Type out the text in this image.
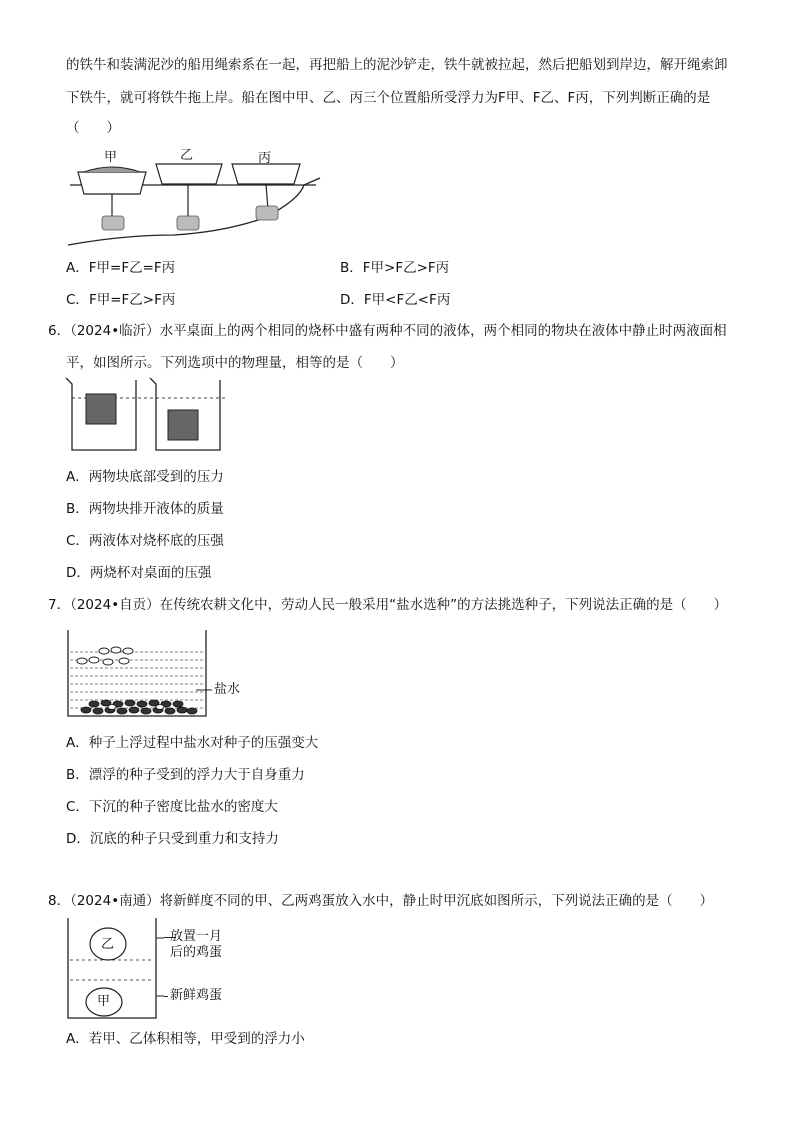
的铁牛和装满泥沙的船用绳索系在一起，再把船上的泥沙铲走，铁牛就被拉起，然后把船划到岸边，解开绳索卸
下铁牛，就可将铁牛拖上岸。船在图中甲、乙、丙三个位置船所受浮力为F甲、F乙、F丙，下列判断正确的是
（　　）
甲	乙	丙
A．F甲=F乙=F丙	B．F甲>F乙>F丙
C．F甲=F乙>F丙	D．F甲<F乙<F丙
6．（2024•临沂）水平桌面上的两个相同的烧杯中盛有两种不同的液体，两个相同的物块在液体中静止时两液面相
平，如图所示。下列选项中的物理量，相等的是（　　）
A．两物块底部受到的压力
B．两物块排开液体的质量
C．两液体对烧杯底的压强
D．两烧杯对桌面的压强
7．（2024•自贡）在传统农耕文化中，劳动人民一般采用“盐水选种”的方法挑选种子，下列说法正确的是（　　）
盐水
A．种子上浮过程中盐水对种子的压强变大
B．漂浮的种子受到的浮力大于自身重力
C．下沉的种子密度比盐水的密度大
D．沉底的种子只受到重力和支持力
8．（2024•南通）将新鲜度不同的甲、乙两鸡蛋放入水中，静止时甲沉底如图所示，下列说法正确的是（　　）
乙
甲
放置一月
后的鸡蛋
新鲜鸡蛋
A．若甲、乙体积相等，甲受到的浮力小
